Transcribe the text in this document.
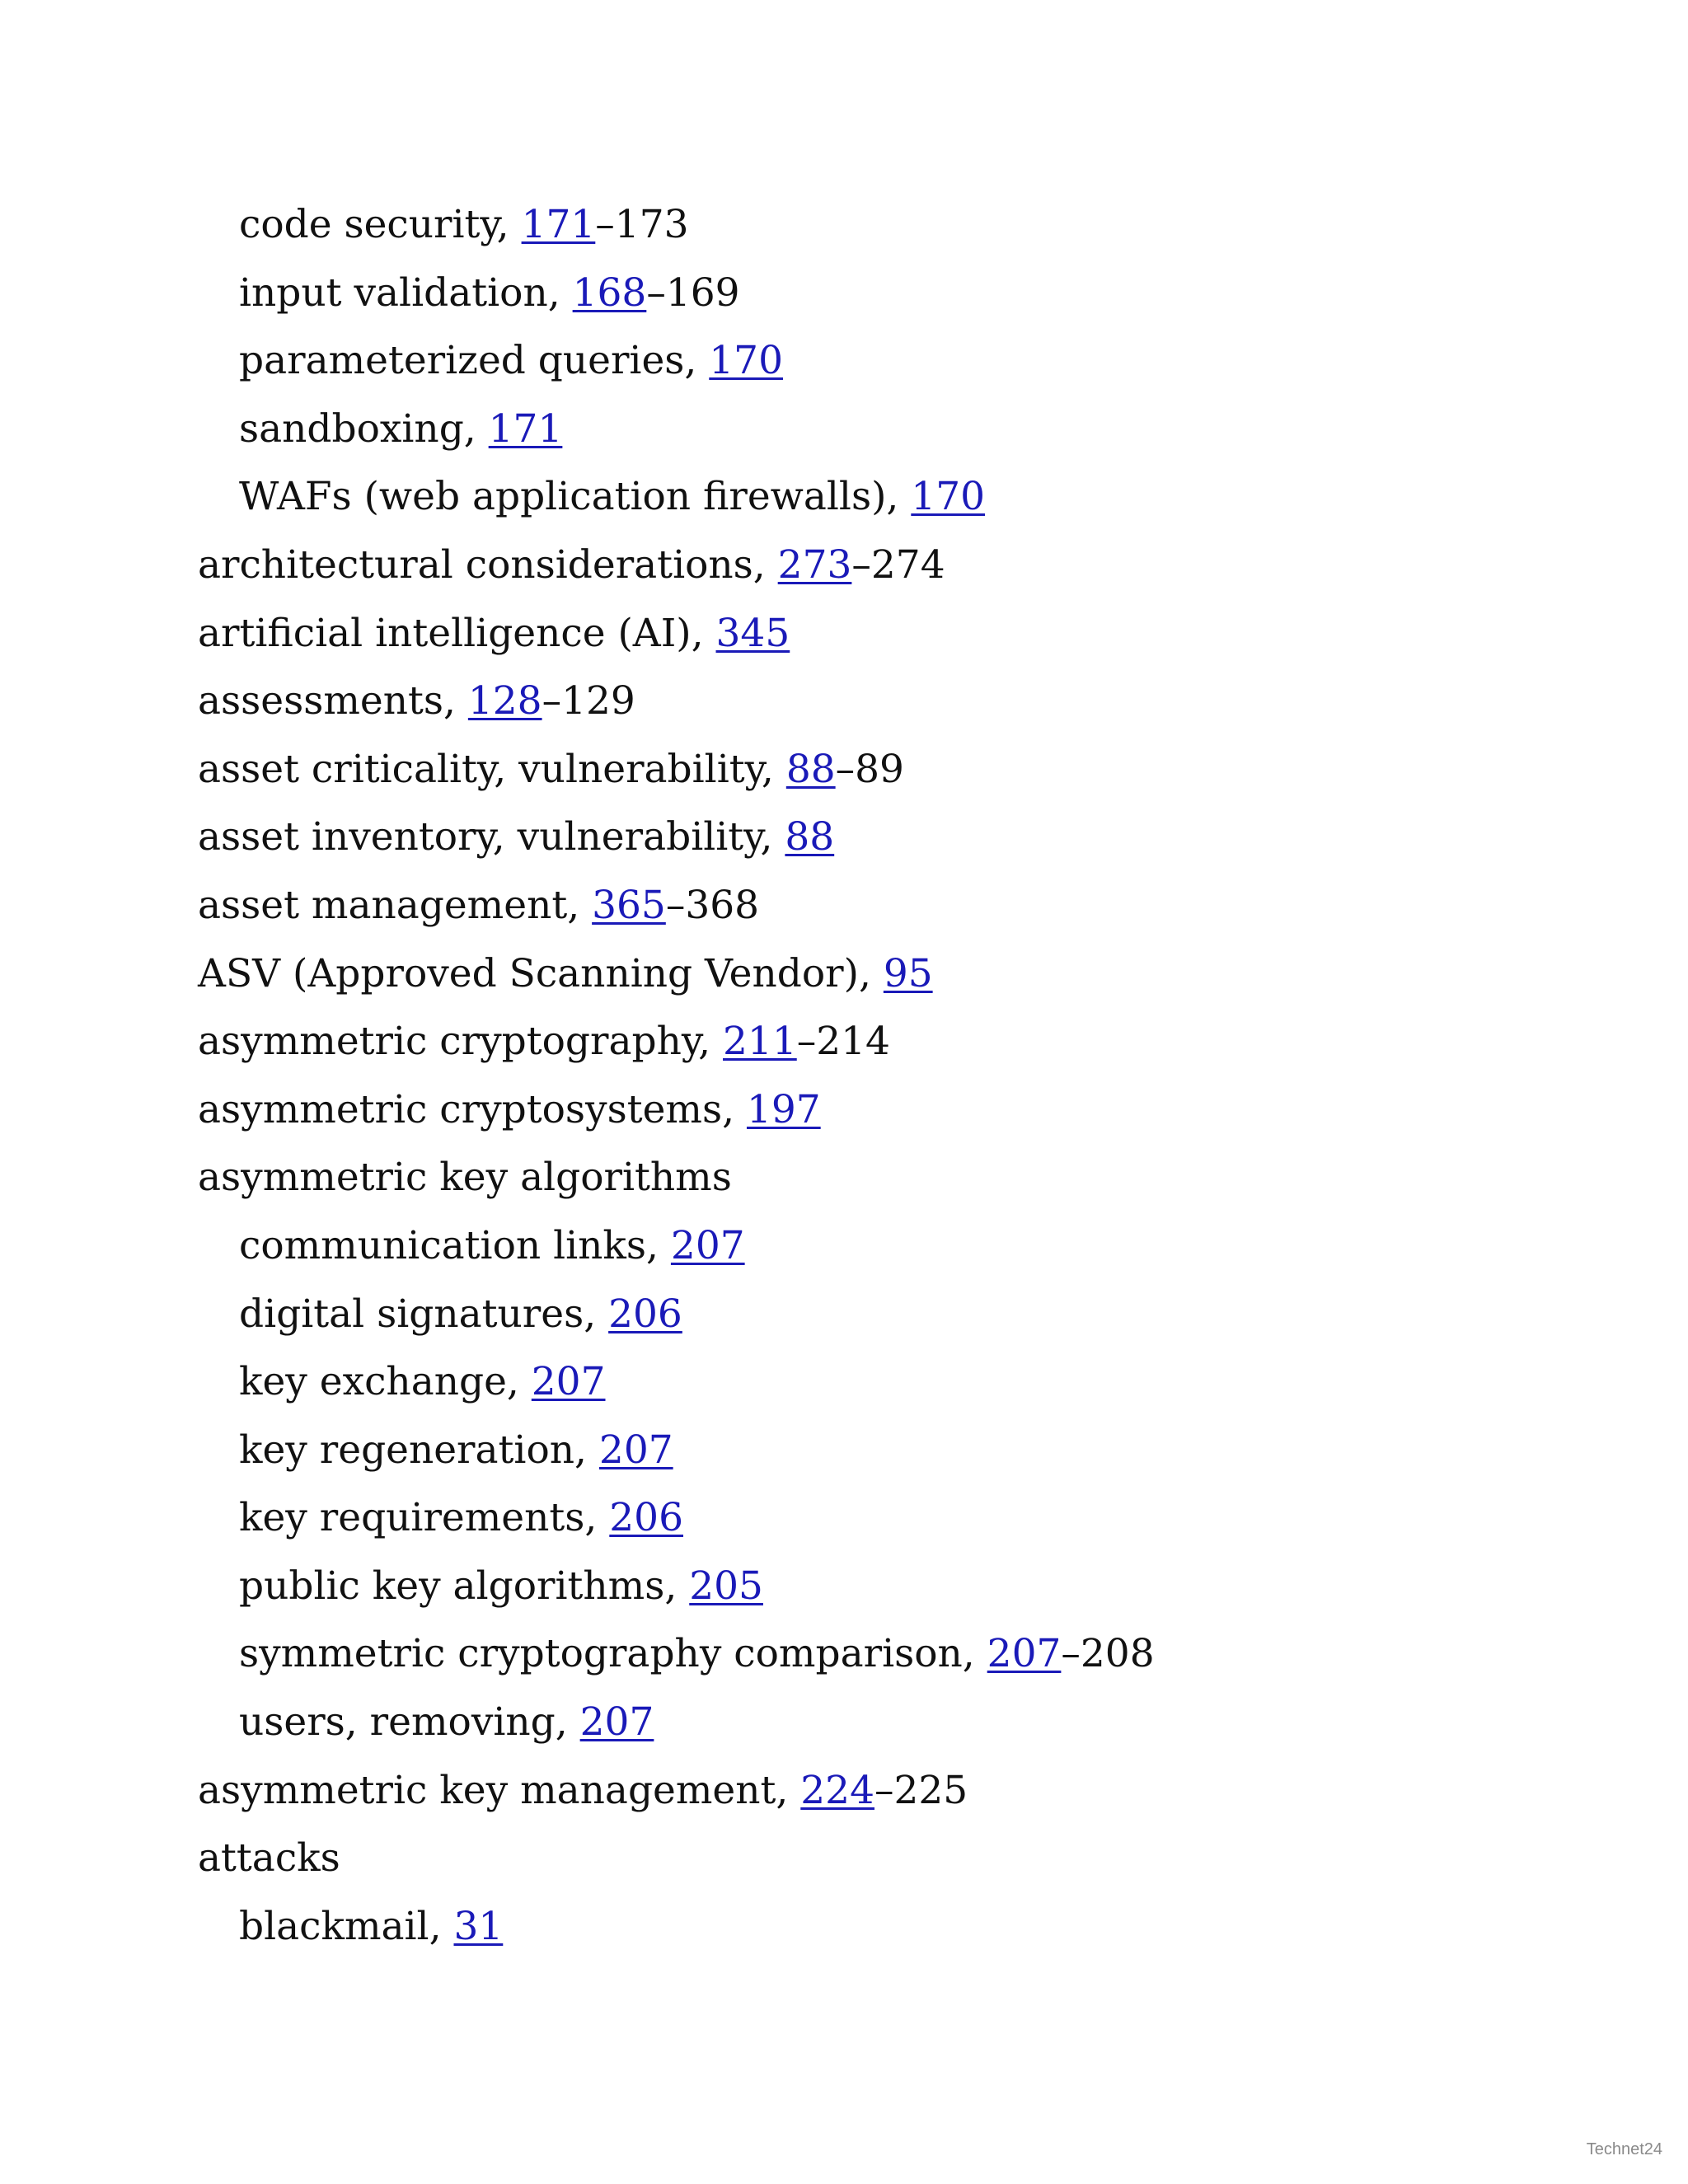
code security, 171–173
input validation, 168–169
parameterized queries, 170
sandboxing, 171
WAFs (web application firewalls), 170
architectural considerations, 273–274
artificial intelligence (AI), 345
assessments, 128–129
asset criticality, vulnerability, 88–89
asset inventory, vulnerability, 88
asset management, 365–368
ASV (Approved Scanning Vendor), 95
asymmetric cryptography, 211–214
asymmetric cryptosystems, 197
asymmetric key algorithms
communication links, 207
digital signatures, 206
key exchange, 207
key regeneration, 207
key requirements, 206
public key algorithms, 205
symmetric cryptography comparison, 207–208
users, removing, 207
asymmetric key management, 224–225
attacks
blackmail, 31
Technet24
